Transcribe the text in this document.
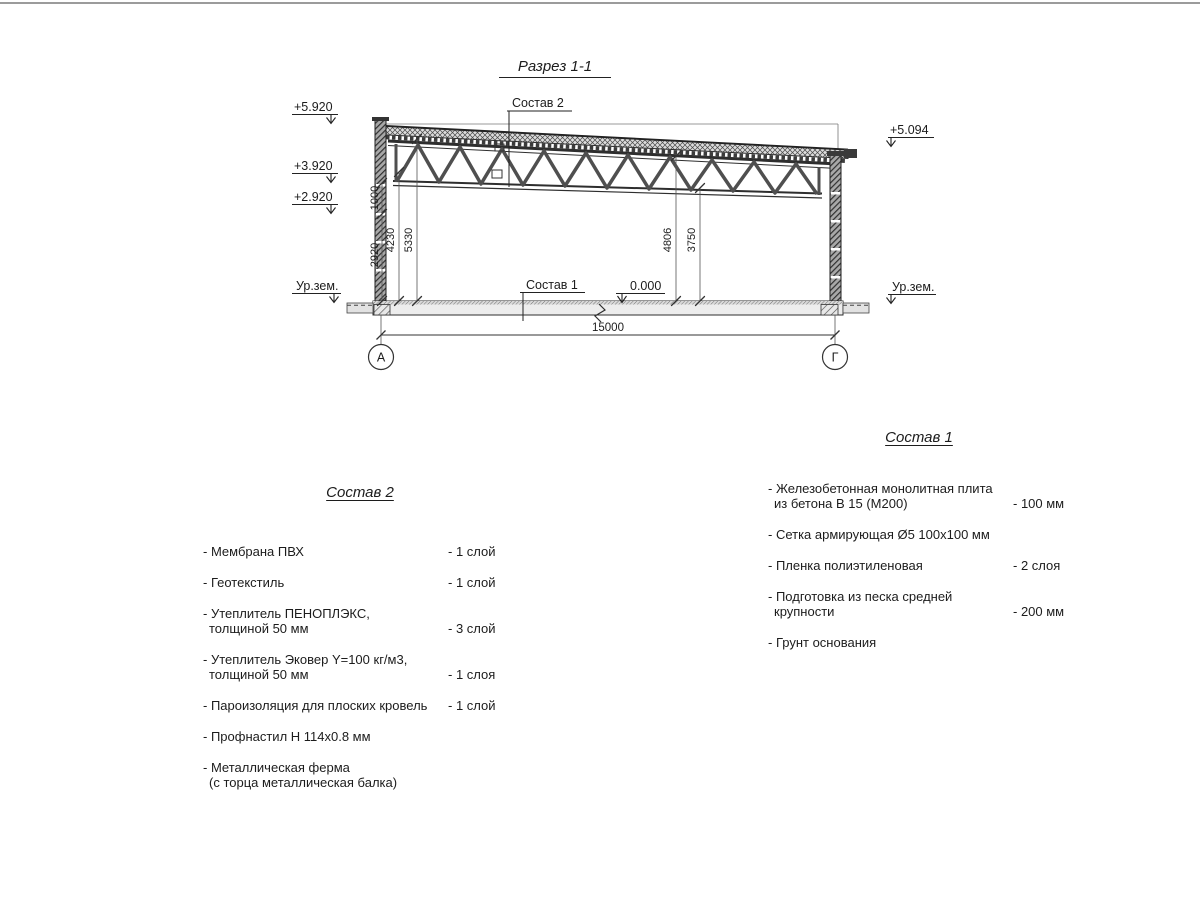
Разрез 1-1
Состав 2
Состав 1	0.000
+5.920
+3.920
+2.920
Ур.зем.
+5.094
Ур.зем.
2920
1000
4230 5330	4806 3750
15000
А	Г
Состав 2
- Мембрана ПВХ	- 1 слой
- Геотекстиль	- 1 слой
- Утеплитель ПЕНОПЛЭКС,
толщиной 50 мм	- 3 слой
- Утеплитель Эковер Y=100 кг/м3,
толщиной 50 мм	- 1 слоя
- Пароизоляция для плоских кровель	- 1 слой
- Профнастил Н 114х0.8 мм
- Металлическая ферма
(с торца металлическая балка)
Состав 1
- Железобетонная монолитная плита
из бетона В 15 (М200)	- 100 мм
- Сетка армирующая Ø5 100х100 мм
- Пленка полиэтиленовая	- 2 слоя
- Подготовка из песка средней
крупности	- 200 мм
- Грунт основания
